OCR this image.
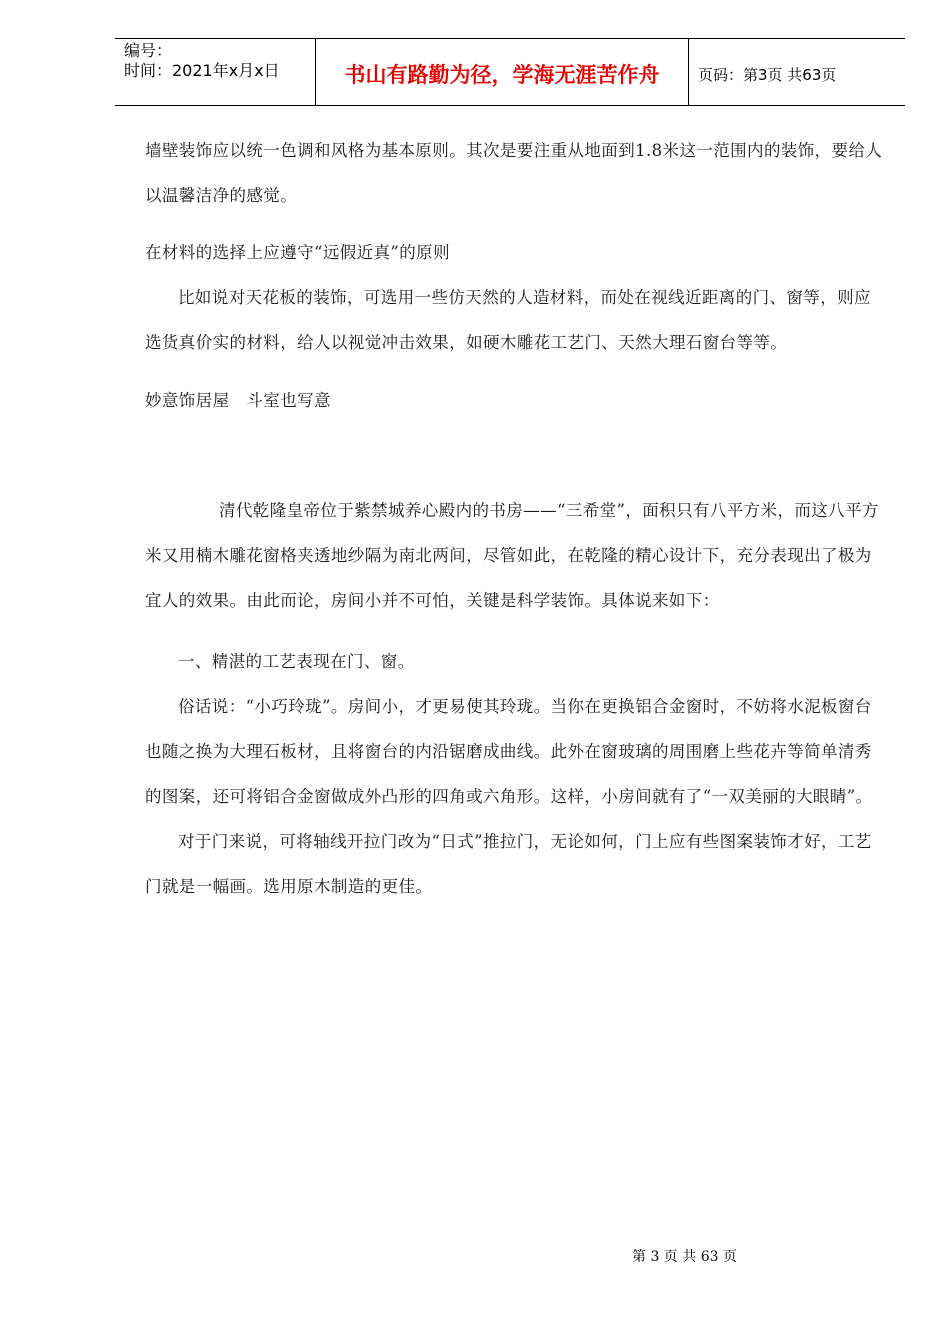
编号：
时间：2021年x月x日	书山有路勤为径，学海无涯苦作舟	页码：第3页 共63页

墙壁装饰应以统一色调和风格为基本原则。其次是要注重从地面到1.8米这一范围内的装饰，要给人以温馨洁净的感觉。

在材料的选择上应遵守“远假近真”的原则

比如说对天花板的装饰，可选用一些仿天然的人造材料，而处在视线近距离的门、窗等，则应选货真价实的材料，给人以视觉冲击效果，如硬木雕花工艺门、天然大理石窗台等等。

妙意饰居屋　斗室也写意

清代乾隆皇帝位于紫禁城养心殿内的书房——“三希堂”，面积只有八平方米，而这八平方米又用楠木雕花窗格夹透地纱隔为南北两间，尽管如此，在乾隆的精心设计下，充分表现出了极为宜人的效果。由此而论，房间小并不可怕，关键是科学装饰。具体说来如下：

一、精湛的工艺表现在门、窗。

俗话说：“小巧玲珑”。房间小，才更易使其玲珑。当你在更换铝合金窗时，不妨将水泥板窗台也随之换为大理石板材，且将窗台的内沿锯磨成曲线。此外在窗玻璃的周围磨上些花卉等简单清秀的图案，还可将铝合金窗做成外凸形的四角或六角形。这样，小房间就有了“一双美丽的大眼睛”。

对于门来说，可将轴线开拉门改为“日式”推拉门，无论如何，门上应有些图案装饰才好，工艺门就是一幅画。选用原木制造的更佳。

第 3 页 共 63 页
